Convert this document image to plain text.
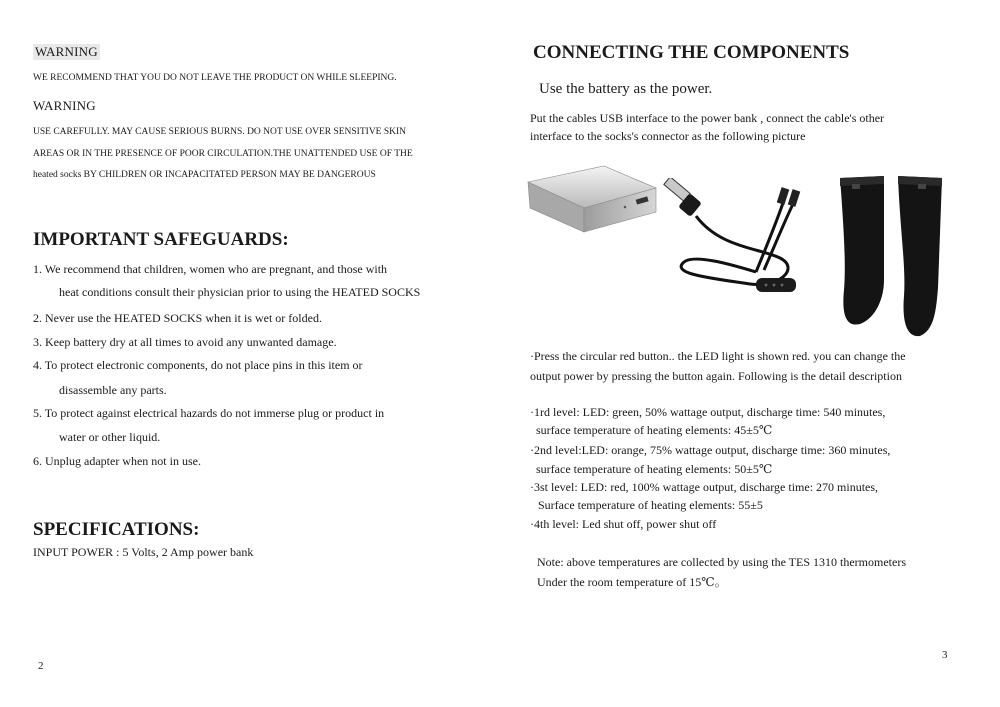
WARNING
WE RECOMMEND THAT YOU DO NOT LEAVE THE PRODUCT ON WHILE SLEEPING.
WARNING
USE CAREFULLY. MAY CAUSE SERIOUS BURNS. DO NOT USE OVER SENSITIVE SKIN
AREAS OR IN THE PRESENCE OF POOR CIRCULATION.THE UNATTENDED USE OF THE
heated socks BY CHILDREN OR INCAPACITATED PERSON MAY BE DANGEROUS
IMPORTANT SAFEGUARDS:
1. We recommend that children, women who are pregnant, and those with
heat conditions consult their physician prior to using the HEATED SOCKS
2. Never use the HEATED SOCKS when it is wet or folded.
3. Keep battery dry at all times to avoid any unwanted damage.
4. To protect electronic components, do not place pins in this item or
disassemble any parts.
5. To protect against electrical hazards do not immerse plug or product in
water or other liquid.
6. Unplug adapter when not in use.
SPECIFICATIONS:
INPUT POWER : 5 Volts, 2 Amp power bank
2
CONNECTING THE COMPONENTS
Use the battery as the power.
Put the cables USB interface to the power bank , connect the cable's other
interface to the socks's connector as the following picture
·Press the circular red button.. the LED light is shown red. you can change the
output power by pressing the button again. Following is the detail description
·1rd level: LED: green, 50% wattage output, discharge time: 540 minutes,
surface temperature of heating elements: 45±5℃
·2nd level:LED: orange, 75% wattage output, discharge time: 360 minutes,
surface temperature of heating elements: 50±5℃
·3st level: LED: red, 100% wattage output, discharge time: 270 minutes,
Surface temperature of heating elements: 55±5
·4th level: Led shut off, power shut off
Note: above temperatures are collected by using the TES 1310 thermometers
Under the room temperature of 15℃。
3
